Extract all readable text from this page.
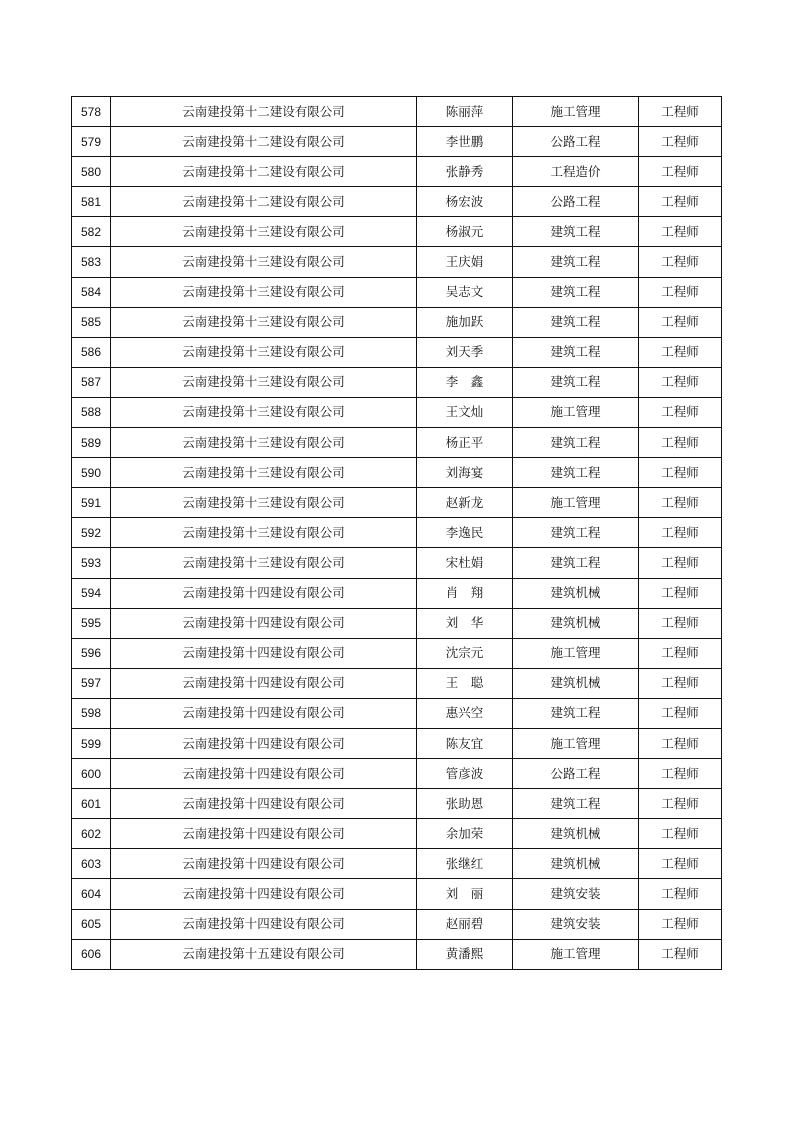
578	云南建投第十二建设有限公司	陈丽萍	施工管理	工程师
579	云南建投第十二建设有限公司	李世鹏	公路工程	工程师
580	云南建投第十二建设有限公司	张静秀	工程造价	工程师
581	云南建投第十二建设有限公司	杨宏波	公路工程	工程师
582	云南建投第十三建设有限公司	杨淑元	建筑工程	工程师
583	云南建投第十三建设有限公司	王庆娟	建筑工程	工程师
584	云南建投第十三建设有限公司	吴志文	建筑工程	工程师
585	云南建投第十三建设有限公司	施加跃	建筑工程	工程师
586	云南建投第十三建设有限公司	刘天季	建筑工程	工程师
587	云南建投第十三建设有限公司	李　鑫	建筑工程	工程师
588	云南建投第十三建设有限公司	王文灿	施工管理	工程师
589	云南建投第十三建设有限公司	杨正平	建筑工程	工程师
590	云南建投第十三建设有限公司	刘海宴	建筑工程	工程师
591	云南建投第十三建设有限公司	赵新龙	施工管理	工程师
592	云南建投第十三建设有限公司	李逸民	建筑工程	工程师
593	云南建投第十三建设有限公司	宋杜娟	建筑工程	工程师
594	云南建投第十四建设有限公司	肖　翔	建筑机械	工程师
595	云南建投第十四建设有限公司	刘　华	建筑机械	工程师
596	云南建投第十四建设有限公司	沈宗元	施工管理	工程师
597	云南建投第十四建设有限公司	王　聪	建筑机械	工程师
598	云南建投第十四建设有限公司	惠兴空	建筑工程	工程师
599	云南建投第十四建设有限公司	陈友宜	施工管理	工程师
600	云南建投第十四建设有限公司	管彦波	公路工程	工程师
601	云南建投第十四建设有限公司	张助恩	建筑工程	工程师
602	云南建投第十四建设有限公司	余加荣	建筑机械	工程师
603	云南建投第十四建设有限公司	张继红	建筑机械	工程师
604	云南建投第十四建设有限公司	刘　丽	建筑安装	工程师
605	云南建投第十四建设有限公司	赵丽碧	建筑安装	工程师
606	云南建投第十五建设有限公司	黄潘熙	施工管理	工程师
